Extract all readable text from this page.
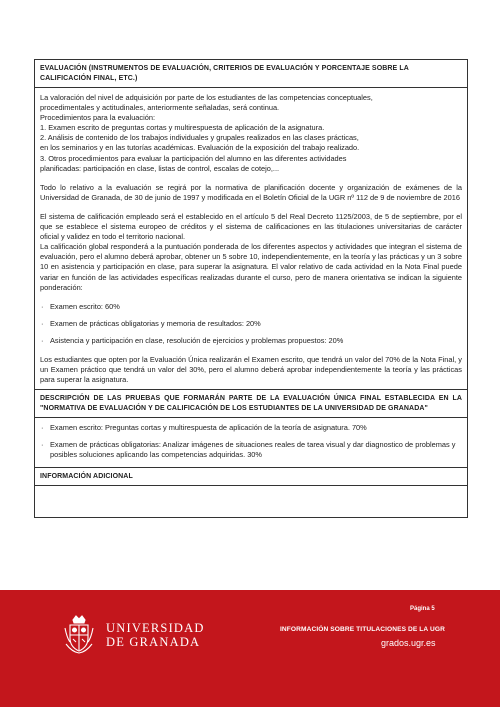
EVALUACIÓN (INSTRUMENTOS DE EVALUACIÓN, CRITERIOS DE EVALUACIÓN Y PORCENTAJE SOBRE LA CALIFICACIÓN FINAL, ETC.)

La valoración del nivel de adquisición por parte de los estudiantes de las competencias conceptuales,
procedimentales y actitudinales, anteriormente señaladas, será continua.
Procedimientos para la evaluación:
1. Examen escrito de preguntas cortas y multirespuesta de aplicación de la asignatura.
2. Análisis de contenido de los trabajos individuales y grupales realizados en las clases prácticas,
en los seminarios y en las tutorías académicas. Evaluación de la exposición del trabajo realizado.
3. Otros procedimientos para evaluar la participación del alumno en las diferentes actividades
planificadas: participación en clase, listas de control, escalas de cotejo,...

Todo lo relativo a la evaluación se regirá por la normativa de planificación docente y organización de exámenes de la Universidad de Granada, de 30 de junio de 1997 y modificada en el Boletín Oficial de la UGR nº 112 de 9 de noviembre de 2016

El sistema de calificación empleado será el establecido en el artículo 5 del Real Decreto 1125/2003, de 5 de septiembre, por el que se establece el sistema europeo de créditos y el sistema de calificaciones en las titulaciones universitarias de carácter oficial y validez en todo el territorio nacional.

La calificación global responderá a la puntuación ponderada de los diferentes aspectos y actividades que integran el sistema de evaluación, pero el alumno deberá aprobar, obtener un 5 sobre 10, independientemente, en la teoría y las prácticas y un 3 sobre 10 en asistencia y participación en clase, para superar la asignatura. El valor relativo de cada actividad en la Nota Final puede variar en función de las actividades específicas realizadas durante el curso, pero de manera orientativa se indican la siguiente ponderación:

· Examen escrito: 60%
· Examen de prácticas obligatorias y memoria de resultados: 20%
· Asistencia y participación en clase, resolución de ejercicios y problemas propuestos: 20%

Los estudiantes que opten por la Evaluación Única realizarán el Examen escrito, que tendrá un valor del 70% de la Nota Final, y un Examen práctico que tendrá un valor del 30%, pero el alumno deberá aprobar independientemente la teoría y las prácticas para superar la asignatura.

DESCRIPCIÓN DE LAS PRUEBAS QUE FORMARÁN PARTE DE LA EVALUACIÓN ÚNICA FINAL ESTABLECIDA EN LA "NORMATIVA DE EVALUACIÓN Y DE CALIFICACIÓN DE LOS ESTUDIANTES DE LA UNIVERSIDAD DE GRANADA"
· Examen escrito: Preguntas cortas y multirespuesta de aplicación de la teoría de asignatura. 70%
· Examen de prácticas obligatorias: Analizar imágenes de situaciones reales de tarea visual y dar diagnostico de problemas y posibles soluciones aplicando las competencias adquiridas. 30%
INFORMACIÓN ADICIONAL
Página 5
UNIVERSIDAD
DE GRANADA
INFORMACIÓN SOBRE TITULACIONES DE LA UGR
grados.ugr.es
